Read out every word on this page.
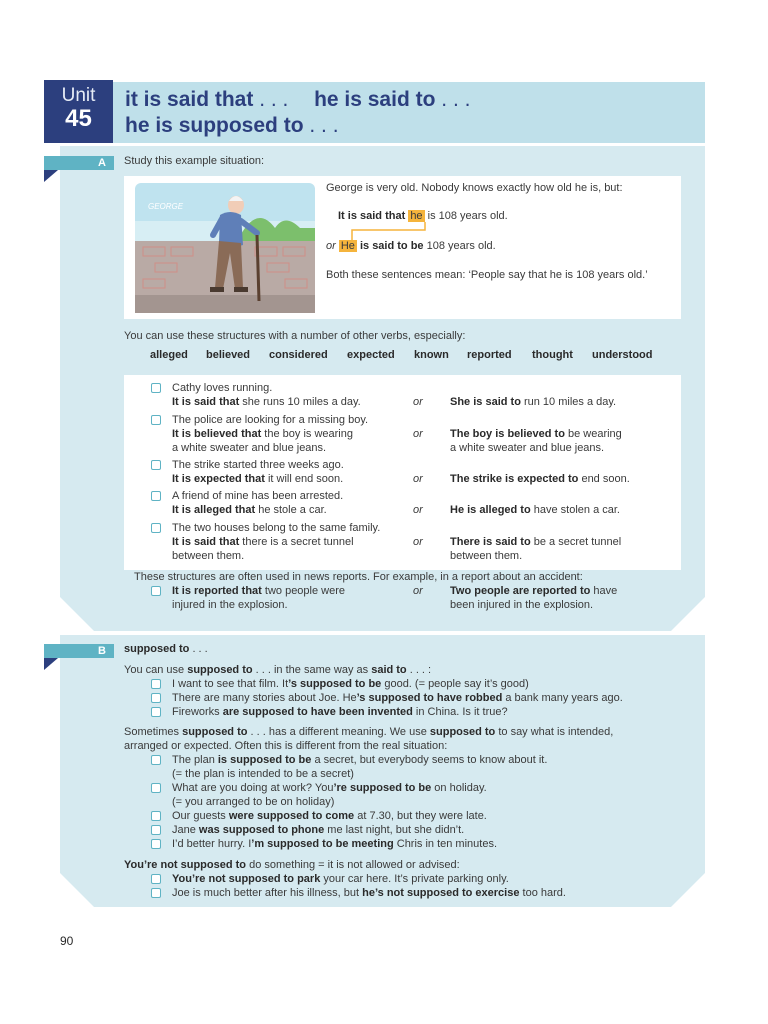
Unit
45
it is said that . . . he is said to . . .
he is supposed to . . .
A	Study this example situation:
GEORGE
George is very old. Nobody knows exactly how old he is, but:
It is said that he is 108 years old.
or He is said to be 108 years old.
Both these sentences mean: ‘People say that he is 108 years old.’
You can use these structures with a number of other verbs, especially:
alleged believed considered expected known reported thought understood
Cathy loves running.
It is said that she runs 10 miles a day.	or She is said to run 10 miles a day.
The police are looking for a missing boy.
It is believed that the boy is wearing
a white sweater and blue jeans.
or The boy is believed to be wearing
a white sweater and blue jeans.
The strike started three weeks ago.
It is expected that it will end soon.	or The strike is expected to end soon.
A friend of mine has been arrested.
It is alleged that he stole a car.	or He is alleged to have stolen a car.
The two houses belong to the same family.
It is said that there is a secret tunnel
between them.
or There is said to be a secret tunnel
between them.
These structures are often used in news reports. For example, in a report about an accident:
It is reported that two people were
injured in the explosion.
or Two people are reported to have
been injured in the explosion.
B	supposed to . . .
You can use supposed to . . . in the same way as said to . . . :
I want to see that film. It’s supposed to be good. (= people say it’s good)
There are many stories about Joe. He’s supposed to have robbed a bank many years ago.
Fireworks are supposed to have been invented in China. Is it true?
Sometimes supposed to . . . has a different meaning. We use supposed to to say what is intended,
arranged or expected. Often this is different from the real situation:
The plan is supposed to be a secret, but everybody seems to know about it.
(= the plan is intended to be a secret)
What are you doing at work? You’re supposed to be on holiday.
(= you arranged to be on holiday)
Our guests were supposed to come at 7.30, but they were late.
Jane was supposed to phone me last night, but she didn’t.
I’d better hurry. I’m supposed to be meeting Chris in ten minutes.
You’re not supposed to do something = it is not allowed or advised:
You’re not supposed to park your car here. It’s private parking only.
Joe is much better after his illness, but he’s not supposed to exercise too hard.
90
